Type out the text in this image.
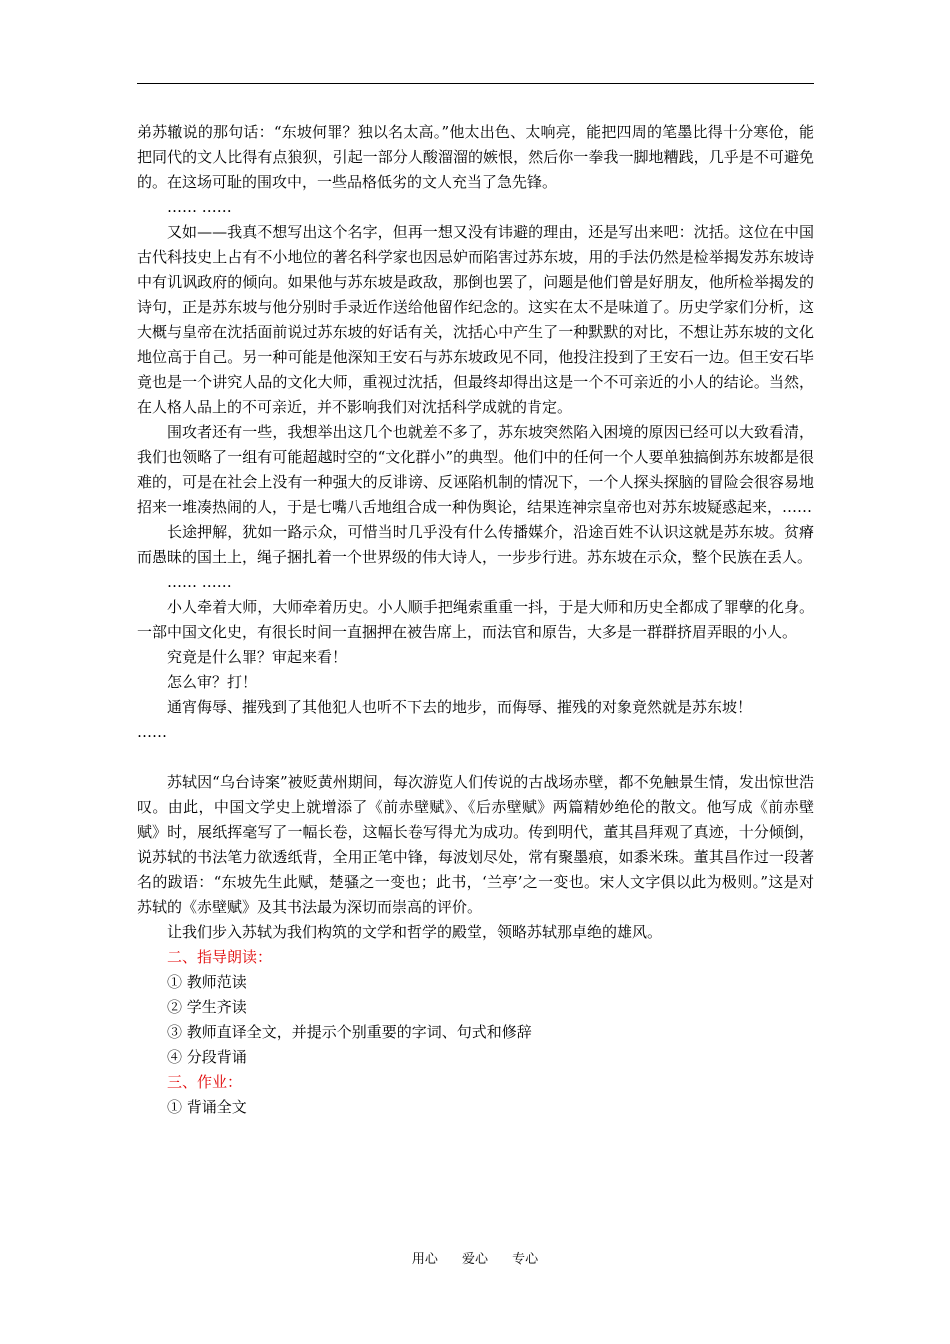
弟苏辙说的那句话：“东坡何罪？独以名太高。”他太出色、太响亮，能把四周的笔墨比得十分寒伧，能把同代的文人比得有点狼狈，引起一部分人酸溜溜的嫉恨，然后你一拳我一脚地糟践，几乎是不可避免的。在这场可耻的围攻中，一些品格低劣的文人充当了急先锋。

…… ……

又如——我真不想写出这个名字，但再一想又没有讳避的理由，还是写出来吧：沈括。这位在中国古代科技史上占有不小地位的著名科学家也因忌妒而陷害过苏东坡，用的手法仍然是检举揭发苏东坡诗中有讥讽政府的倾向。如果他与苏东坡是政敌，那倒也罢了，问题是他们曾是好朋友，他所检举揭发的诗句，正是苏东坡与他分别时手录近作送给他留作纪念的。这实在太不是味道了。历史学家们分析，这大概与皇帝在沈括面前说过苏东坡的好话有关，沈括心中产生了一种默默的对比，不想让苏东坡的文化地位高于自己。另一种可能是他深知王安石与苏东坡政见不同，他投注投到了王安石一边。但王安石毕竟也是一个讲究人品的文化大师，重视过沈括，但最终却得出这是一个不可亲近的小人的结论。当然，在人格人品上的不可亲近，并不影响我们对沈括科学成就的肯定。

围攻者还有一些，我想举出这几个也就差不多了，苏东坡突然陷入困境的原因已经可以大致看清，我们也领略了一组有可能超越时空的“文化群小”的典型。他们中的任何一个人要单独搞倒苏东坡都是很难的，可是在社会上没有一种强大的反诽谤、反诬陷机制的情况下，一个人探头探脑的冒险会很容易地招来一堆凑热闹的人，于是七嘴八舌地组合成一种伪舆论，结果连神宗皇帝也对苏东坡疑惑起来，……

长途押解，犹如一路示众，可惜当时几乎没有什么传播媒介，沿途百姓不认识这就是苏东坡。贫瘠而愚昧的国土上，绳子捆扎着一个世界级的伟大诗人，一步步行进。苏东坡在示众，整个民族在丢人。

…… ……

小人牵着大师，大师牵着历史。小人顺手把绳索重重一抖，于是大师和历史全都成了罪孽的化身。一部中国文化史，有很长时间一直捆押在被告席上，而法官和原告，大多是一群群挤眉弄眼的小人。

究竟是什么罪？审起来看！

怎么审？打！

通宵侮辱、摧残到了其他犯人也听不下去的地步，而侮辱、摧残的对象竟然就是苏东坡！

……

苏轼因“乌台诗案”被贬黄州期间，每次游览人们传说的古战场赤壁，都不免触景生情，发出惊世浩叹。由此，中国文学史上就增添了《前赤壁赋》、《后赤壁赋》两篇精妙绝伦的散文。他写成《前赤壁赋》时，展纸挥毫写了一幅长卷，这幅长卷写得尤为成功。传到明代，董其昌拜观了真迹，十分倾倒，说苏轼的书法笔力欲透纸背，全用正笔中锋，每波划尽处，常有聚墨痕，如黍米珠。董其昌作过一段著名的跋语：“东坡先生此赋，楚骚之一变也；此书，‘兰亭’之一变也。宋人文字俱以此为极则。”这是对苏轼的《赤壁赋》及其书法最为深切而崇高的评价。

让我们步入苏轼为我们构筑的文学和哲学的殿堂，领略苏轼那卓绝的雄风。

二、指导朗读：

① 教师范读

② 学生齐读

③ 教师直译全文，并提示个别重要的字词、句式和修辞

④ 分段背诵

三、作业：

① 背诵全文

用心 爱心 专心
